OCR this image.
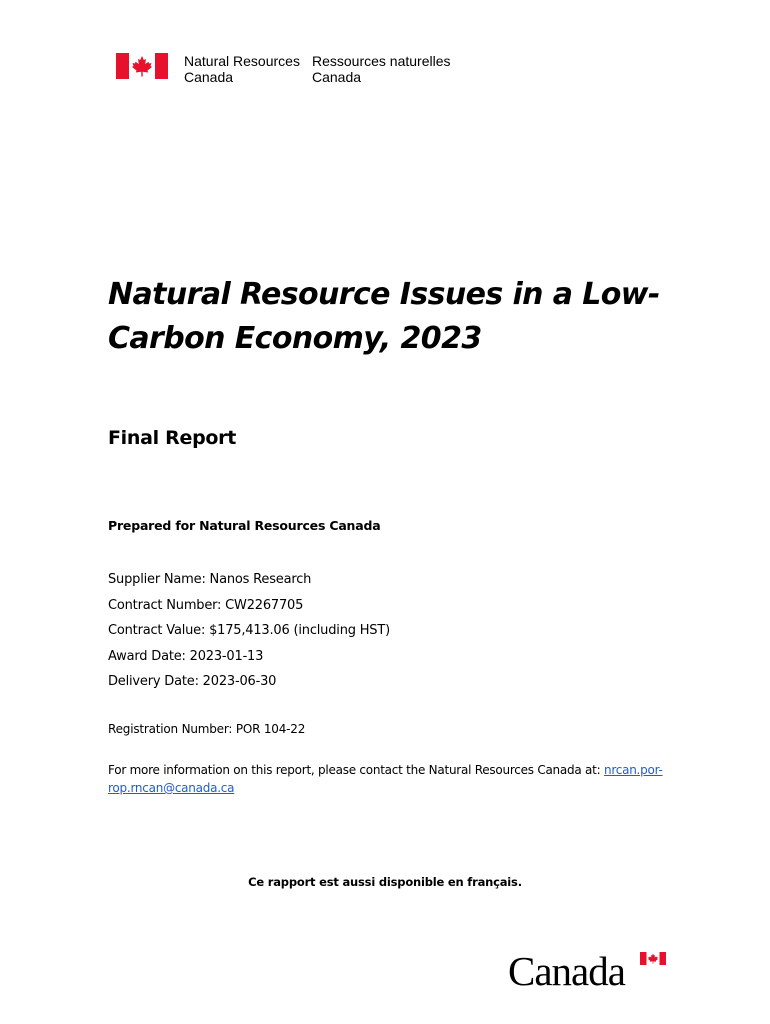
Natural Resources
Canada
Ressources naturelles
Canada
Natural Resource Issues in a Low-
Carbon Economy, 2023
Final Report

Prepared for Natural Resources Canada

Supplier Name: Nanos Research
Contract Number: CW2267705
Contract Value: $175,413.06 (including HST)
Award Date: 2023-01-13
Delivery Date: 2023-06-30

Registration Number: POR 104-22

For more information on this report, please contact the Natural Resources Canada at: nrcan.por-
rop.rncan@canada.ca

Ce rapport est aussi disponible en français.

Canada
